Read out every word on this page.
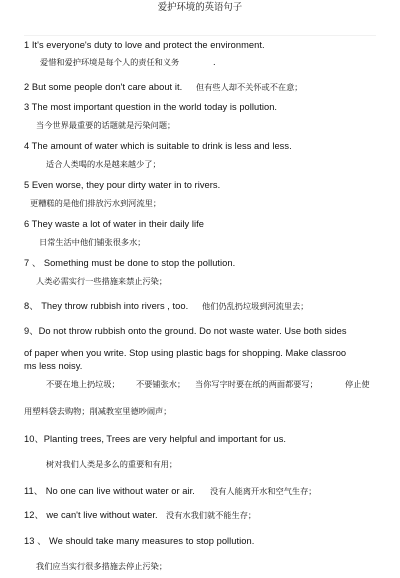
爱护环境的英语句子
1 It's everyone's duty to love and protect the environment.
爱惜和爱护环境是每个人的责任和义务	.
2 But some people don't care about it. 但有些人却不关怀或不在意；
3 The most important question in the world today is pollution.
当今世界最重要的话题就是污染问题；
4 The amount of water which is suitable to drink is less and less.
适合人类喝的水是越来越少了；
5 Even worse, they pour dirty water in to rivers.
更糟糕的是他们排放污水到河流里；
6 They waste a lot of water in their daily life
日常生活中他们铺张很多水；
7 、 Something must be done to stop the pollution.
人类必需实行一些措施来禁止污染；
8、 They throw rubbish into rivers , too. 他们仍乱扔垃圾到河流里去；
9、Do not throw rubbish onto the ground. Do not waste water. Use both sides
of paper when you write. Stop using plastic bags for shopping. Make classroo
ms less noisy.
不要在地上扔垃圾； 不要铺张水； 当你写字时要在纸的两面都要写；	停止使
用塑料袋去购物；削减教室里德吵闹声；
10、Planting trees, Trees are very helpful and important for us.
树对我们人类是多么的重要和有用；
11、 No one can live without water or air. 没有人能离开水和空气生存；
12、 we can't live without water. 没有水我们就不能生存；
13 、 We should take many measures to stop pollution.
我们应当实行很多措施去停止污染；
